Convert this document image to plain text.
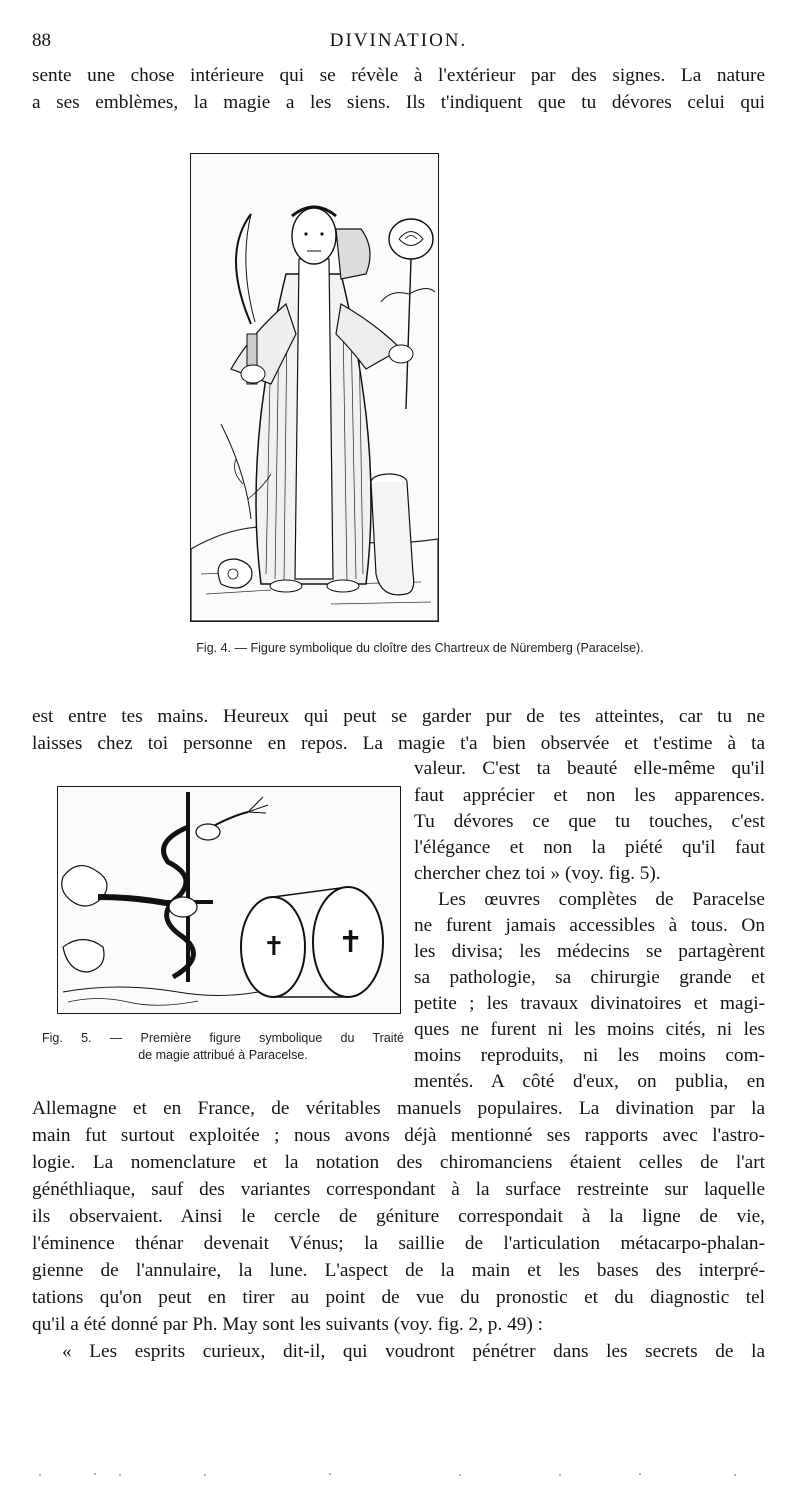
88	DIVINATION.
sente une chose intérieure qui se révèle à l'extérieur par des signes. La nature
a ses emblèmes, la magie a les siens. Ils t'indiquent que tu dévores celui qui
Fig. 4. — Figure symbolique du cloître des Chartreux de Nüremberg (Paracelse).
est entre tes mains. Heureux qui peut se garder pur de tes atteintes, car tu ne
laisses chez toi personne en repos. La magie t'a bien observée et t'estime à ta
✝ ✝
Fig. 5. — Première figure symbolique du Traité
de magie attribué à Paracelse.
valeur. C'est ta beauté elle-même qu'il
faut apprécier et non les apparences.
Tu dévores ce que tu touches, c'est
l'élégance et non la piété qu'il faut
chercher chez toi » (voy. fig. 5).
Les œuvres complètes de Paracelse
ne furent jamais accessibles à tous. On
les divisa; les médecins se partagèrent
sa pathologie, sa chirurgie grande et
petite ; les travaux divinatoires et magi-
ques ne furent ni les moins cités, ni les
moins reproduits, ni les moins com-
mentés. A côté d'eux, on publia, en
Allemagne et en France, de véritables manuels populaires. La divination par la
main fut surtout exploitée ; nous avons déjà mentionné ses rapports avec l'astro-
logie. La nomenclature et la notation des chiromanciens étaient celles de l'art
généthliaque, sauf des variantes correspondant à la surface restreinte sur laquelle
ils observaient. Ainsi le cercle de géniture correspondait à la ligne de vie,
l'éminence thénar devenait Vénus; la saillie de l'articulation métacarpo-phalan-
gienne de l'annulaire, la lune. L'aspect de la main et les bases des interpré-
tations qu'on peut en tirer au point de vue du pronostic et du diagnostic tel
qu'il a été donné par Ph. May sont les suivants (voy. fig. 2, p. 49) :
« Les esprits curieux, dit-il, qui voudront pénétrer dans les secrets de la
